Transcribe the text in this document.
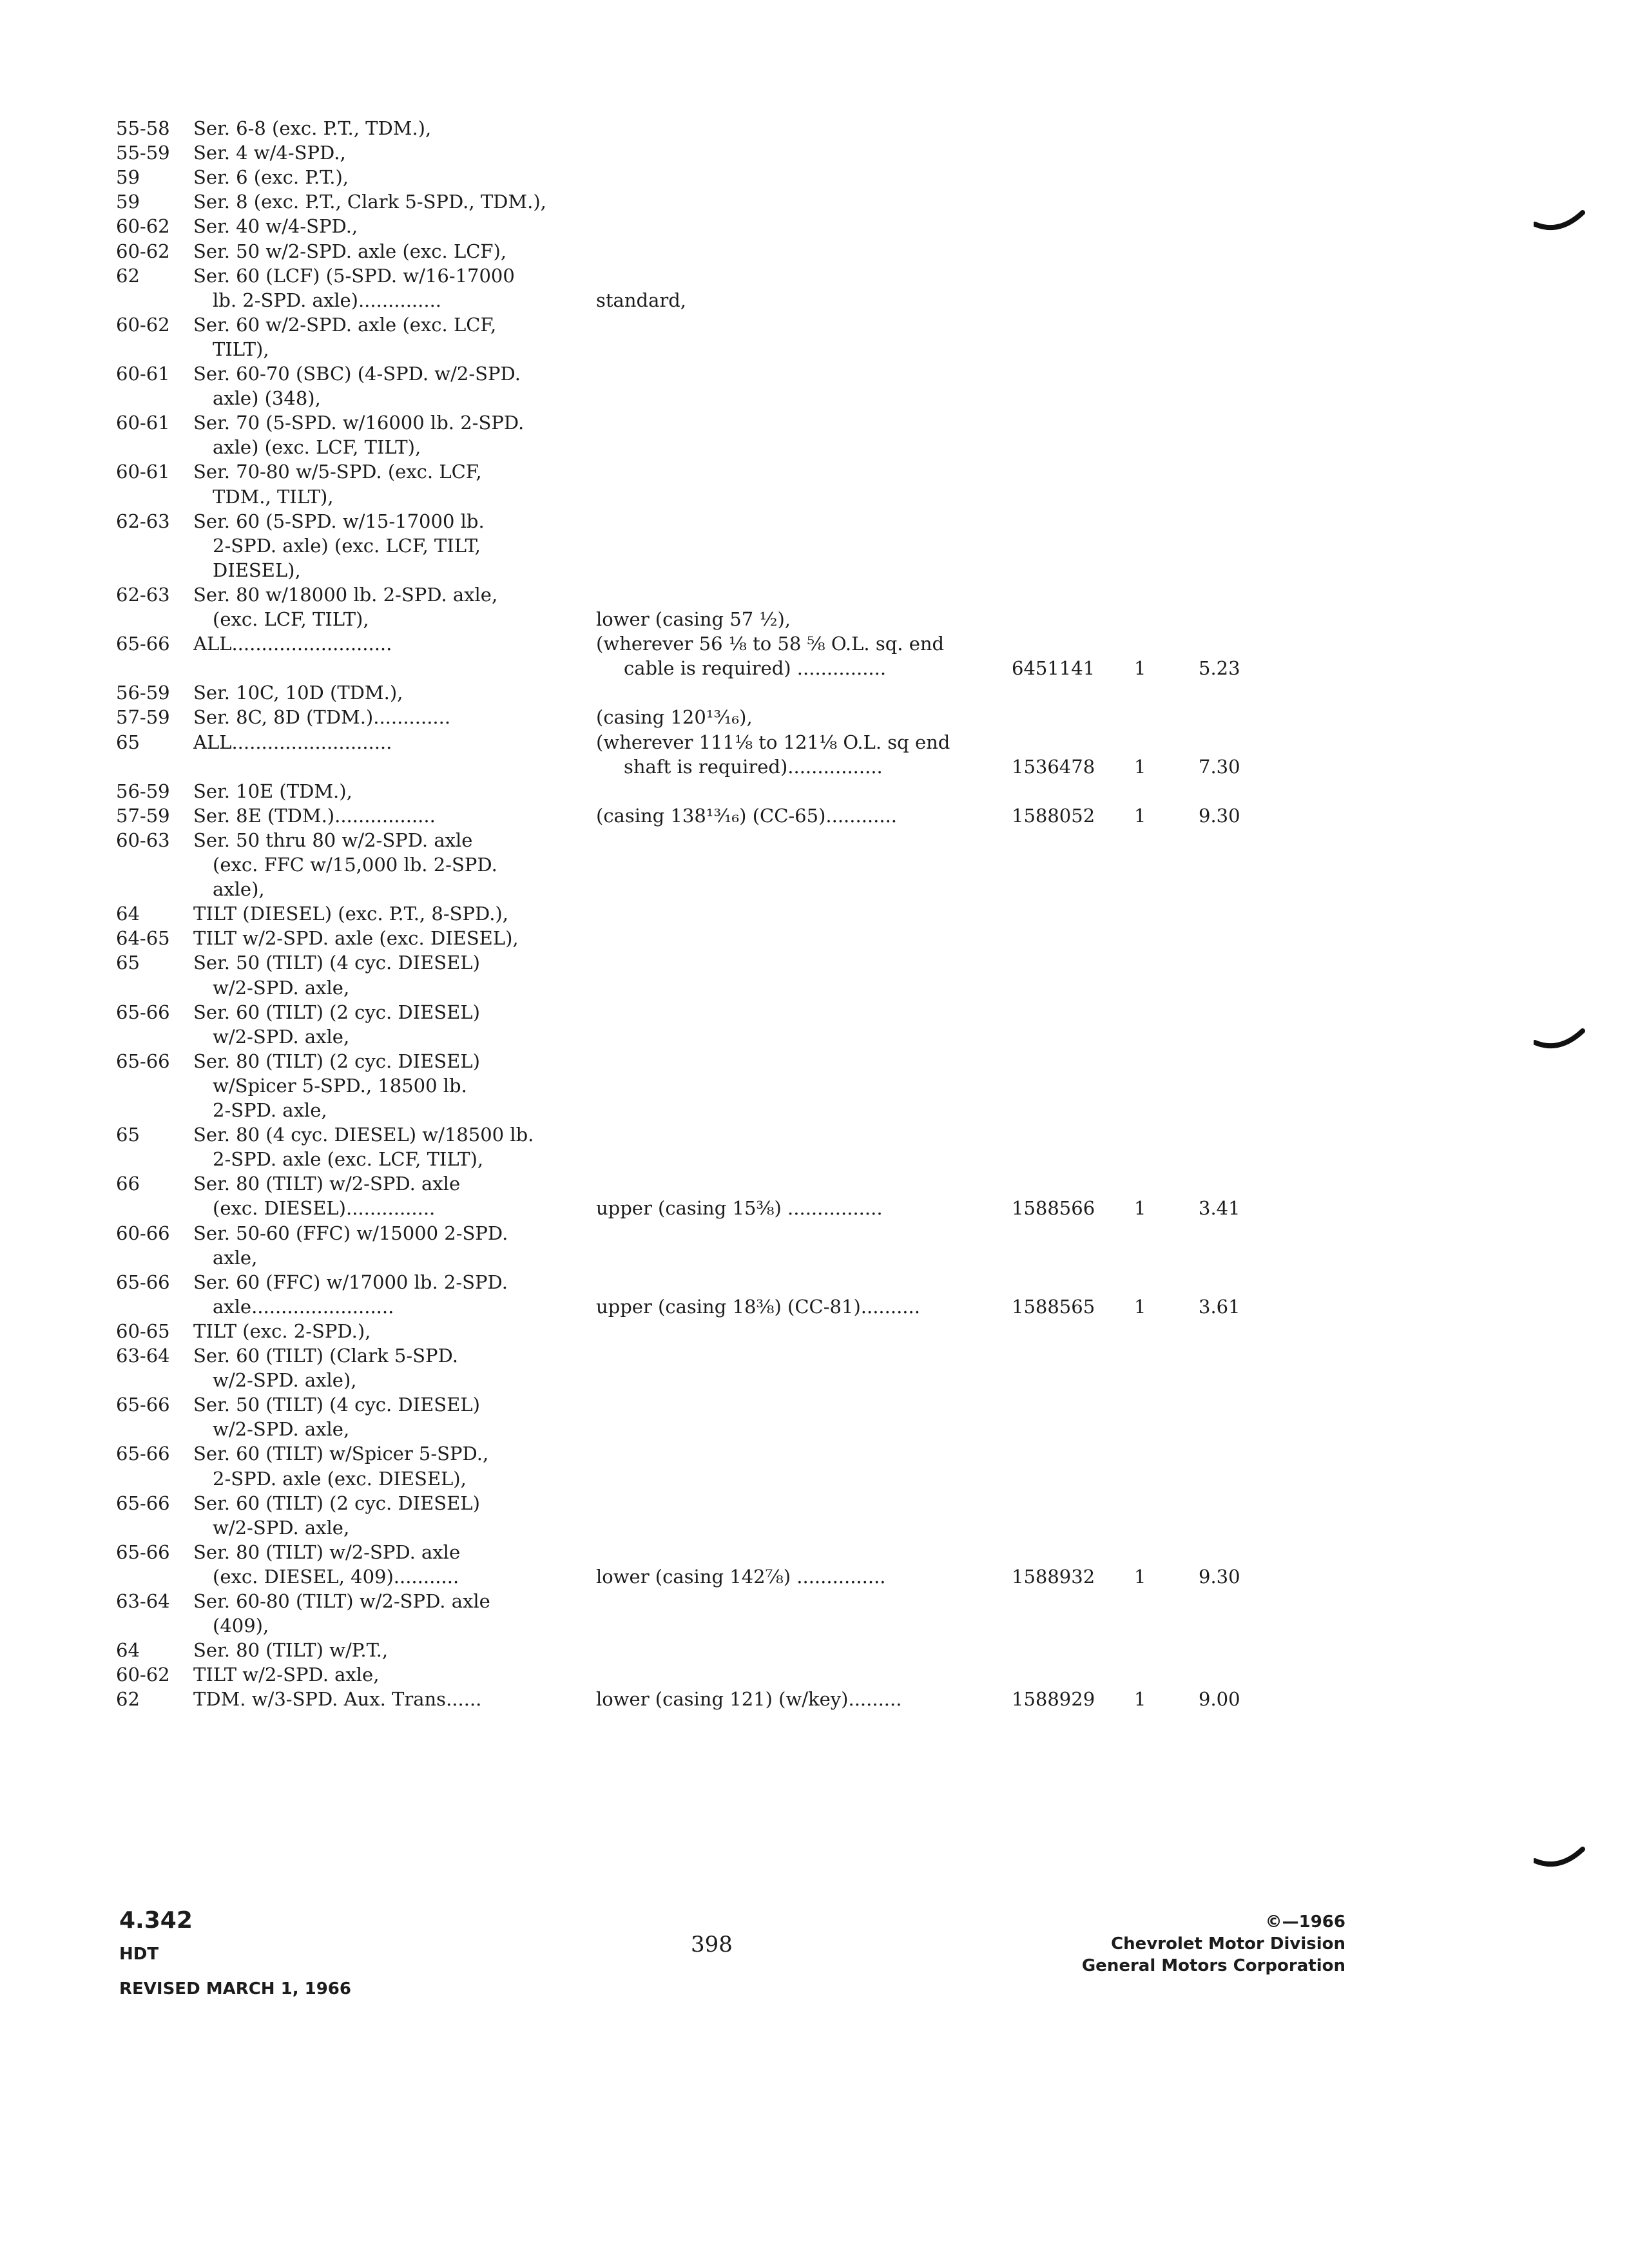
55-58	Ser. 6-8 (exc. P.T., TDM.),
55-59	Ser. 4 w/4-SPD.,
59	Ser. 6 (exc. P.T.),
59	Ser. 8 (exc. P.T., Clark 5-SPD., TDM.),
60-62	Ser. 40 w/4-SPD.,
60-62	Ser. 50 w/2-SPD. axle (exc. LCF),
62	Ser. 60 (LCF) (5-SPD. w/16-17000
lb. 2-SPD. axle)..............	standard,
60-62	Ser. 60 w/2-SPD. axle (exc. LCF,
TILT),
60-61	Ser. 60-70 (SBC) (4-SPD. w/2-SPD.
axle) (348),
60-61	Ser. 70 (5-SPD. w/16000 lb. 2-SPD.
axle) (exc. LCF, TILT),
60-61	Ser. 70-80 w/5-SPD. (exc. LCF,
TDM., TILT),
62-63	Ser. 60 (5-SPD. w/15-17000 lb.
2-SPD. axle) (exc. LCF, TILT,
DIESEL),
62-63	Ser. 80 w/18000 lb. 2-SPD. axle,
(exc. LCF, TILT),	lower (casing 57 ½),
65-66	ALL...........................	(wherever 56 ⅛ to 58 ⅝ O.L. sq. end
cable is required) ...............	6451141	1	5.23
56-59	Ser. 10C, 10D (TDM.),
57-59	Ser. 8C, 8D (TDM.).............	(casing 120¹³⁄₁₆),
65	ALL...........................	(wherever 111⅛ to 121⅛ O.L. sq end
shaft is required)................	1536478	1	7.30
56-59	Ser. 10E (TDM.),
57-59	Ser. 8E (TDM.).................	(casing 138¹³⁄₁₆) (CC-65)............	1588052	1	9.30
60-63	Ser. 50 thru 80 w/2-SPD. axle
(exc. FFC w/15,000 lb. 2-SPD.
axle),
64	TILT (DIESEL) (exc. P.T., 8-SPD.),
64-65	TILT w/2-SPD. axle (exc. DIESEL),
65	Ser. 50 (TILT) (4 cyc. DIESEL)
w/2-SPD. axle,
65-66	Ser. 60 (TILT) (2 cyc. DIESEL)
w/2-SPD. axle,
65-66	Ser. 80 (TILT) (2 cyc. DIESEL)
w/Spicer 5-SPD., 18500 lb.
2-SPD. axle,
65	Ser. 80 (4 cyc. DIESEL) w/18500 lb.
2-SPD. axle (exc. LCF, TILT),
66	Ser. 80 (TILT) w/2-SPD. axle
(exc. DIESEL)...............	upper (casing 15⅜) ................	1588566	1	3.41
60-66	Ser. 50-60 (FFC) w/15000 2-SPD.
axle,
65-66	Ser. 60 (FFC) w/17000 lb. 2-SPD.
axle........................	upper (casing 18⅜) (CC-81)..........	1588565	1	3.61
60-65	TILT (exc. 2-SPD.),
63-64	Ser. 60 (TILT) (Clark 5-SPD.
w/2-SPD. axle),
65-66	Ser. 50 (TILT) (4 cyc. DIESEL)
w/2-SPD. axle,
65-66	Ser. 60 (TILT) w/Spicer 5-SPD.,
2-SPD. axle (exc. DIESEL),
65-66	Ser. 60 (TILT) (2 cyc. DIESEL)
w/2-SPD. axle,
65-66	Ser. 80 (TILT) w/2-SPD. axle
(exc. DIESEL, 409)...........	lower (casing 142⅞) ...............	1588932	1	9.30
63-64	Ser. 60-80 (TILT) w/2-SPD. axle
(409),
64	Ser. 80 (TILT) w/P.T.,
60-62	TILT w/2-SPD. axle,
62	TDM. w/3-SPD. Aux. Trans......	lower (casing 121) (w/key).........	1588929	1	9.00
4.342
HDT
REVISED MARCH 1, 1966
398
©—1966
Chevrolet Motor Division
General Motors Corporation
